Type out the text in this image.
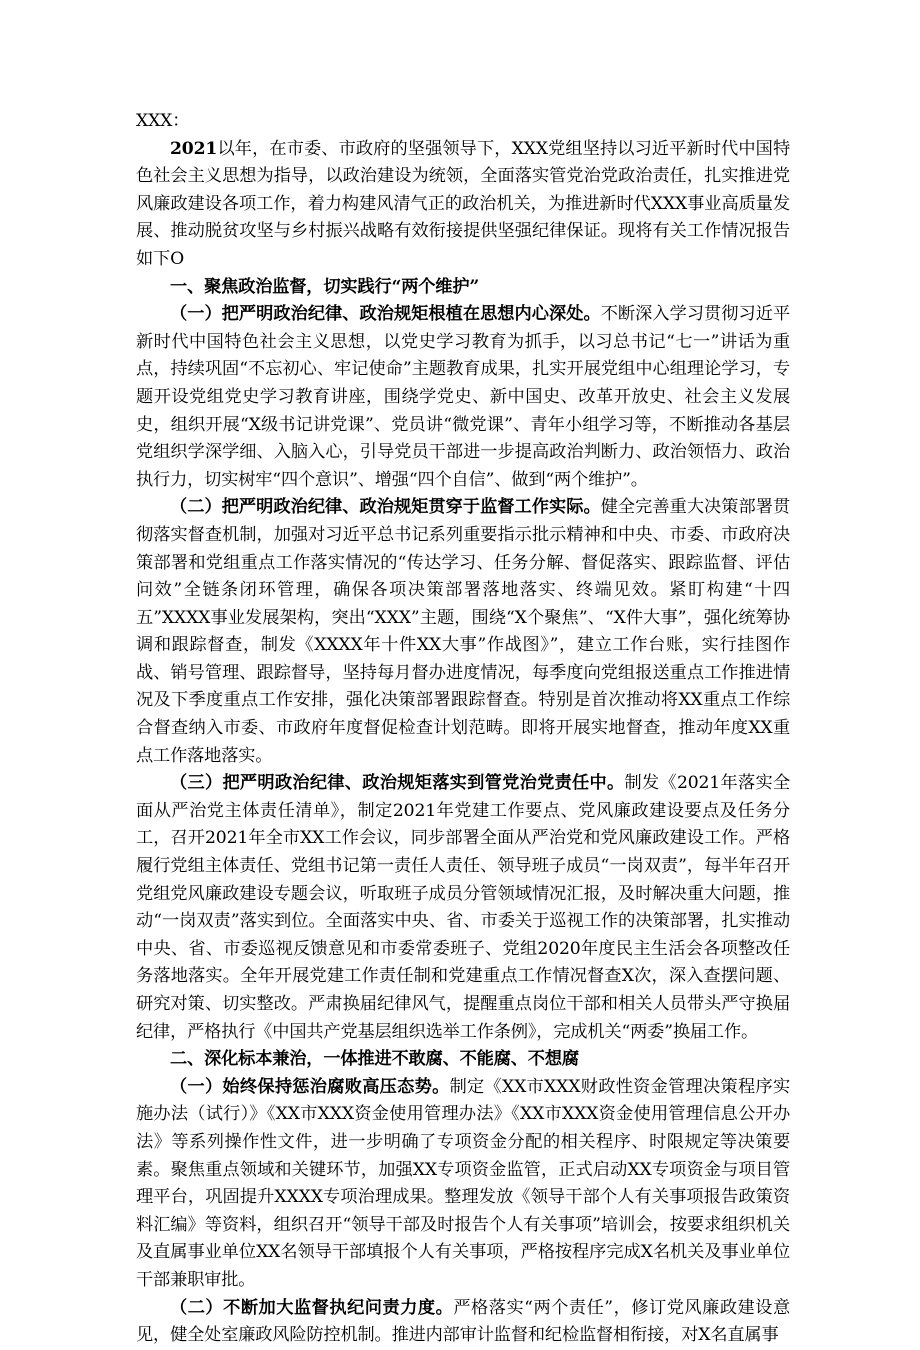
XXX：

2021以年，在市委、市政府的坚强领导下，XXX党组坚持以习近平新时代中国特色社会主义思想为指导，以政治建设为统领，全面落实管党治党政治责任，扎实推进党风廉政建设各项工作，着力构建风清气正的政治机关，为推进新时代XXX事业高质量发展、推动脱贫攻坚与乡村振兴战略有效衔接提供坚强纪律保证。现将有关工作情况报告如下O

一、聚焦政治监督，切实践行“两个维护”

（一）把严明政治纪律、政治规矩根植在思想内心深处。不断深入学习贯彻习近平新时代中国特色社会主义思想，以党史学习教育为抓手，以习总书记“七一”讲话为重点，持续巩固“不忘初心、牢记使命”主题教育成果，扎实开展党组中心组理论学习，专题开设党组党史学习教育讲座，围绕学党史、新中国史、改革开放史、社会主义发展史，组织开展“X级书记讲党课”、党员讲“微党课”、青年小组学习等，不断推动各基层党组织学深学细、入脑入心，引导党员干部进一步提高政治判断力、政治领悟力、政治执行力，切实树牢“四个意识”、增强“四个自信”、做到“两个维护”。

（二）把严明政治纪律、政治规矩贯穿于监督工作实际。健全完善重大决策部署贯彻落实督查机制，加强对习近平总书记系列重要指示批示精神和中央、市委、市政府决策部署和党组重点工作落实情况的“传达学习、任务分解、督促落实、跟踪监督、评估问效”全链条闭环管理，确保各项决策部署落地落实、终端见效。紧盯构建“十四五”XXXX事业发展架构，突出“XXX”主题，围绕“X个聚焦”、“X件大事”，强化统筹协调和跟踪督查，制发《XXXX年十件XX大事”作战图》”，建立工作台账，实行挂图作战、销号管理、跟踪督导，坚持每月督办进度情况，每季度向党组报送重点工作推进情况及下季度重点工作安排，强化决策部署跟踪督查。特别是首次推动将XX重点工作综合督查纳入市委、市政府年度督促检查计划范畴。即将开展实地督查，推动年度XX重点工作落地落实。

（三）把严明政治纪律、政治规矩落实到管党治党责任中。制发《2021年落实全面从严治党主体责任清单》，制定2021年党建工作要点、党风廉政建设要点及任务分工，召开2021年全市XX工作会议，同步部署全面从严治党和党风廉政建设工作。严格履行党组主体责任、党组书记第一责任人责任、领导班子成员“一岗双责”，每半年召开党组党风廉政建设专题会议，听取班子成员分管领域情况汇报，及时解决重大问题，推动“一岗双责”落实到位。全面落实中央、省、市委关于巡视工作的决策部署，扎实推动中央、省、市委巡视反馈意见和市委常委班子、党组2020年度民主生活会各项整改任务落地落实。全年开展党建工作责任制和党建重点工作情况督查X次，深入查摆问题、研究对策、切实整改。严肃换届纪律风气，提醒重点岗位干部和相关人员带头严守换届纪律，严格执行《中国共产党基层组织选举工作条例》，完成机关“两委”换届工作。

二、深化标本兼治，一体推进不敢腐、不能腐、不想腐

（一）始终保持惩治腐败高压态势。制定《XX市XXX财政性资金管理决策程序实施办法（试行）》《XX市XXX资金使用管理办法》《XX市XXX资金使用管理信息公开办法》等系列操作性文件，进一步明确了专项资金分配的相关程序、时限规定等决策要素。聚焦重点领域和关键环节，加强XX专项资金监管，正式启动XX专项资金与项目管理平台，巩固提升XXXX专项治理成果。整理发放《领导干部个人有关事项报告政策资料汇编》等资料，组织召开“领导干部及时报告个人有关事项”培训会，按要求组织机关及直属事业单位XX名领导干部填报个人有关事项，严格按程序完成X名机关及事业单位干部兼职审批。

（二）不断加大监督执纪问责力度。严格落实“两个责任”，修订党风廉政建设意见，健全处室廉政风险防控机制。推进内部审计监督和纪检监督相衔接，对X名直属事
